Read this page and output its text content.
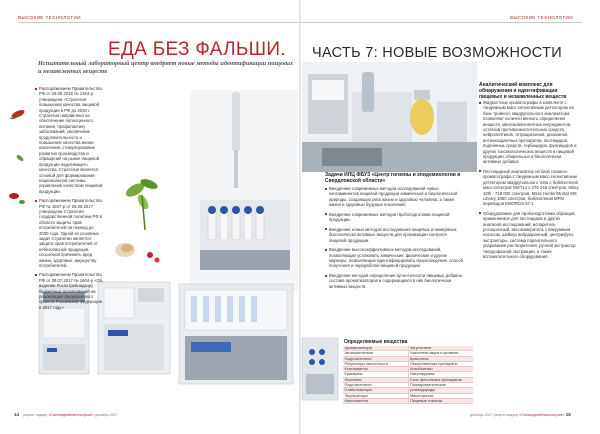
ВЫСОКИЕ ТЕХНОЛОГИИ	ВЫСОКИЕ ТЕХНОЛОГИИ
ЕДА БЕЗ ФАЛЬШИ. ЧАСТЬ 7: НОВЫЕ ВОЗМОЖНОСТИ
Испытательный лабораторный центр внедряет новые методы идентификации пищевых и незаявленных веществ
Распоряжением Правительства РФ от 29.06.2016 № 1364-р утверждена «Стратегия повышения качества пищевой продукции в РФ до 2030 г. Стратегия направлена на обеспечение полноценного питания, профилактику заболеваний, увеличение продолжительности и повышение качества жизни населения, стимулирование развития производства и обращения на рынке пищевой продукции надлежащего качества. Стратегия является основой для формирования национальной системы управления качеством пищевой продукции.
Распоряжением Правительства РФ № 1837-р от 28.08.2017 утверждена Стратегия государственной политики РФ в области защиты прав потребителей на период до 2030 года. Одной из основных задач Стратегии является защита прав потребителей от небезопасной продукции, способной причинить вред жизни, здоровью, имуществу потребителей.
Распоряжением Правительства РФ от 28.07.2017 № 1604-р «Об ведении Роспотребнадзору бюджетных ассигнований на реализацию федерального проекта Российской Федерации в 2017 году»
Задачи ИЛЦ ФБУЗ «Центр гигиены и эпидемиологии в Свердловской области»
Внедрение современных методов исследований новых контаминантов пищевой продукции химической и биологической природы, создающих риск жизни и здоровью человека, а также жизни и здоровью будущих поколений.
Внедрение современных методов пробоподготовки пищевой продукции.
Внедрение новых методов исследования пищевых и немеряных биологически активных веществ для организации контроля пищевой продукции.
Внедрение высокоэффективных методов исследований, позволяющих установить химические, физические и другие маркеры, позволяющие идентифицировать происхождение, способ получения и переработки пищевой продукции.
Внедрение методов определения аутентичности пищевых добавок, состава ароматизаторов и содержащихся в них биологически активных веществ.
Аналитический комплекс для обнаружения и идентификации пищевых и незаявленных веществ
Жидкостные хроматографы в комплекте с тандемным масс-селективным детектором на базе тройного квадрупольного анализатора позволяют количественного определения веществ, многокомпонентных ингредиентов, остатков противоокислительных средств, нейролептиков, тетрациклинов, диоксинов, антиоксидантных препаратов, пестицидов, подлинных средств, гербицидов, фунгицидов и других токсикологических веществ в пищевой продукции, сбиральных и биологически активных добавок.
Пестицидный анализатор на базе газового хроматографа с тандемным масс-селективным детектором квадрупольного типа с библиотекой масс-спектров NIST14 с 276 248 спектров, Wiley 10th - 719 000 спектров, Mass Hunter/Mortar MS Library 1060 спектров, библиотекой MPM переводов EMORGS 57.1
Оборудование для пробоподготовки образцов, применяемое для пестицидов и других анализов исследований: испаритель ротационный, весоизмеритель с вакуумным насосом, шейкер вибрационный, центрифуги, экстракторы, система параллельного упаривания растворителей, ручной экстрактор твердофазной экстракции, а также вспомогательного оборудования.
Определяемые вещества
Ароматизаторы	Загустители
Антиокислители	Усилители вкуса и аромата
Подсластители	Красители
Регуляторы кислотности	Лекарственные препараты
Консерванты	Антибиотики
Крахмалы	Нитрофураны
Носители	Соль фенольных препаратов
Подсластители	Полиароматические
Стабилизаторы	углеводороды
Эмульгаторы	Микотоксины
Наполнители	Пищевые токсины
14 рецепт надзор «Санэпидемблагополучие» декабрь 2017	декабрь 2017 рецепт надзор «Санэпидемблагополучие» 15
